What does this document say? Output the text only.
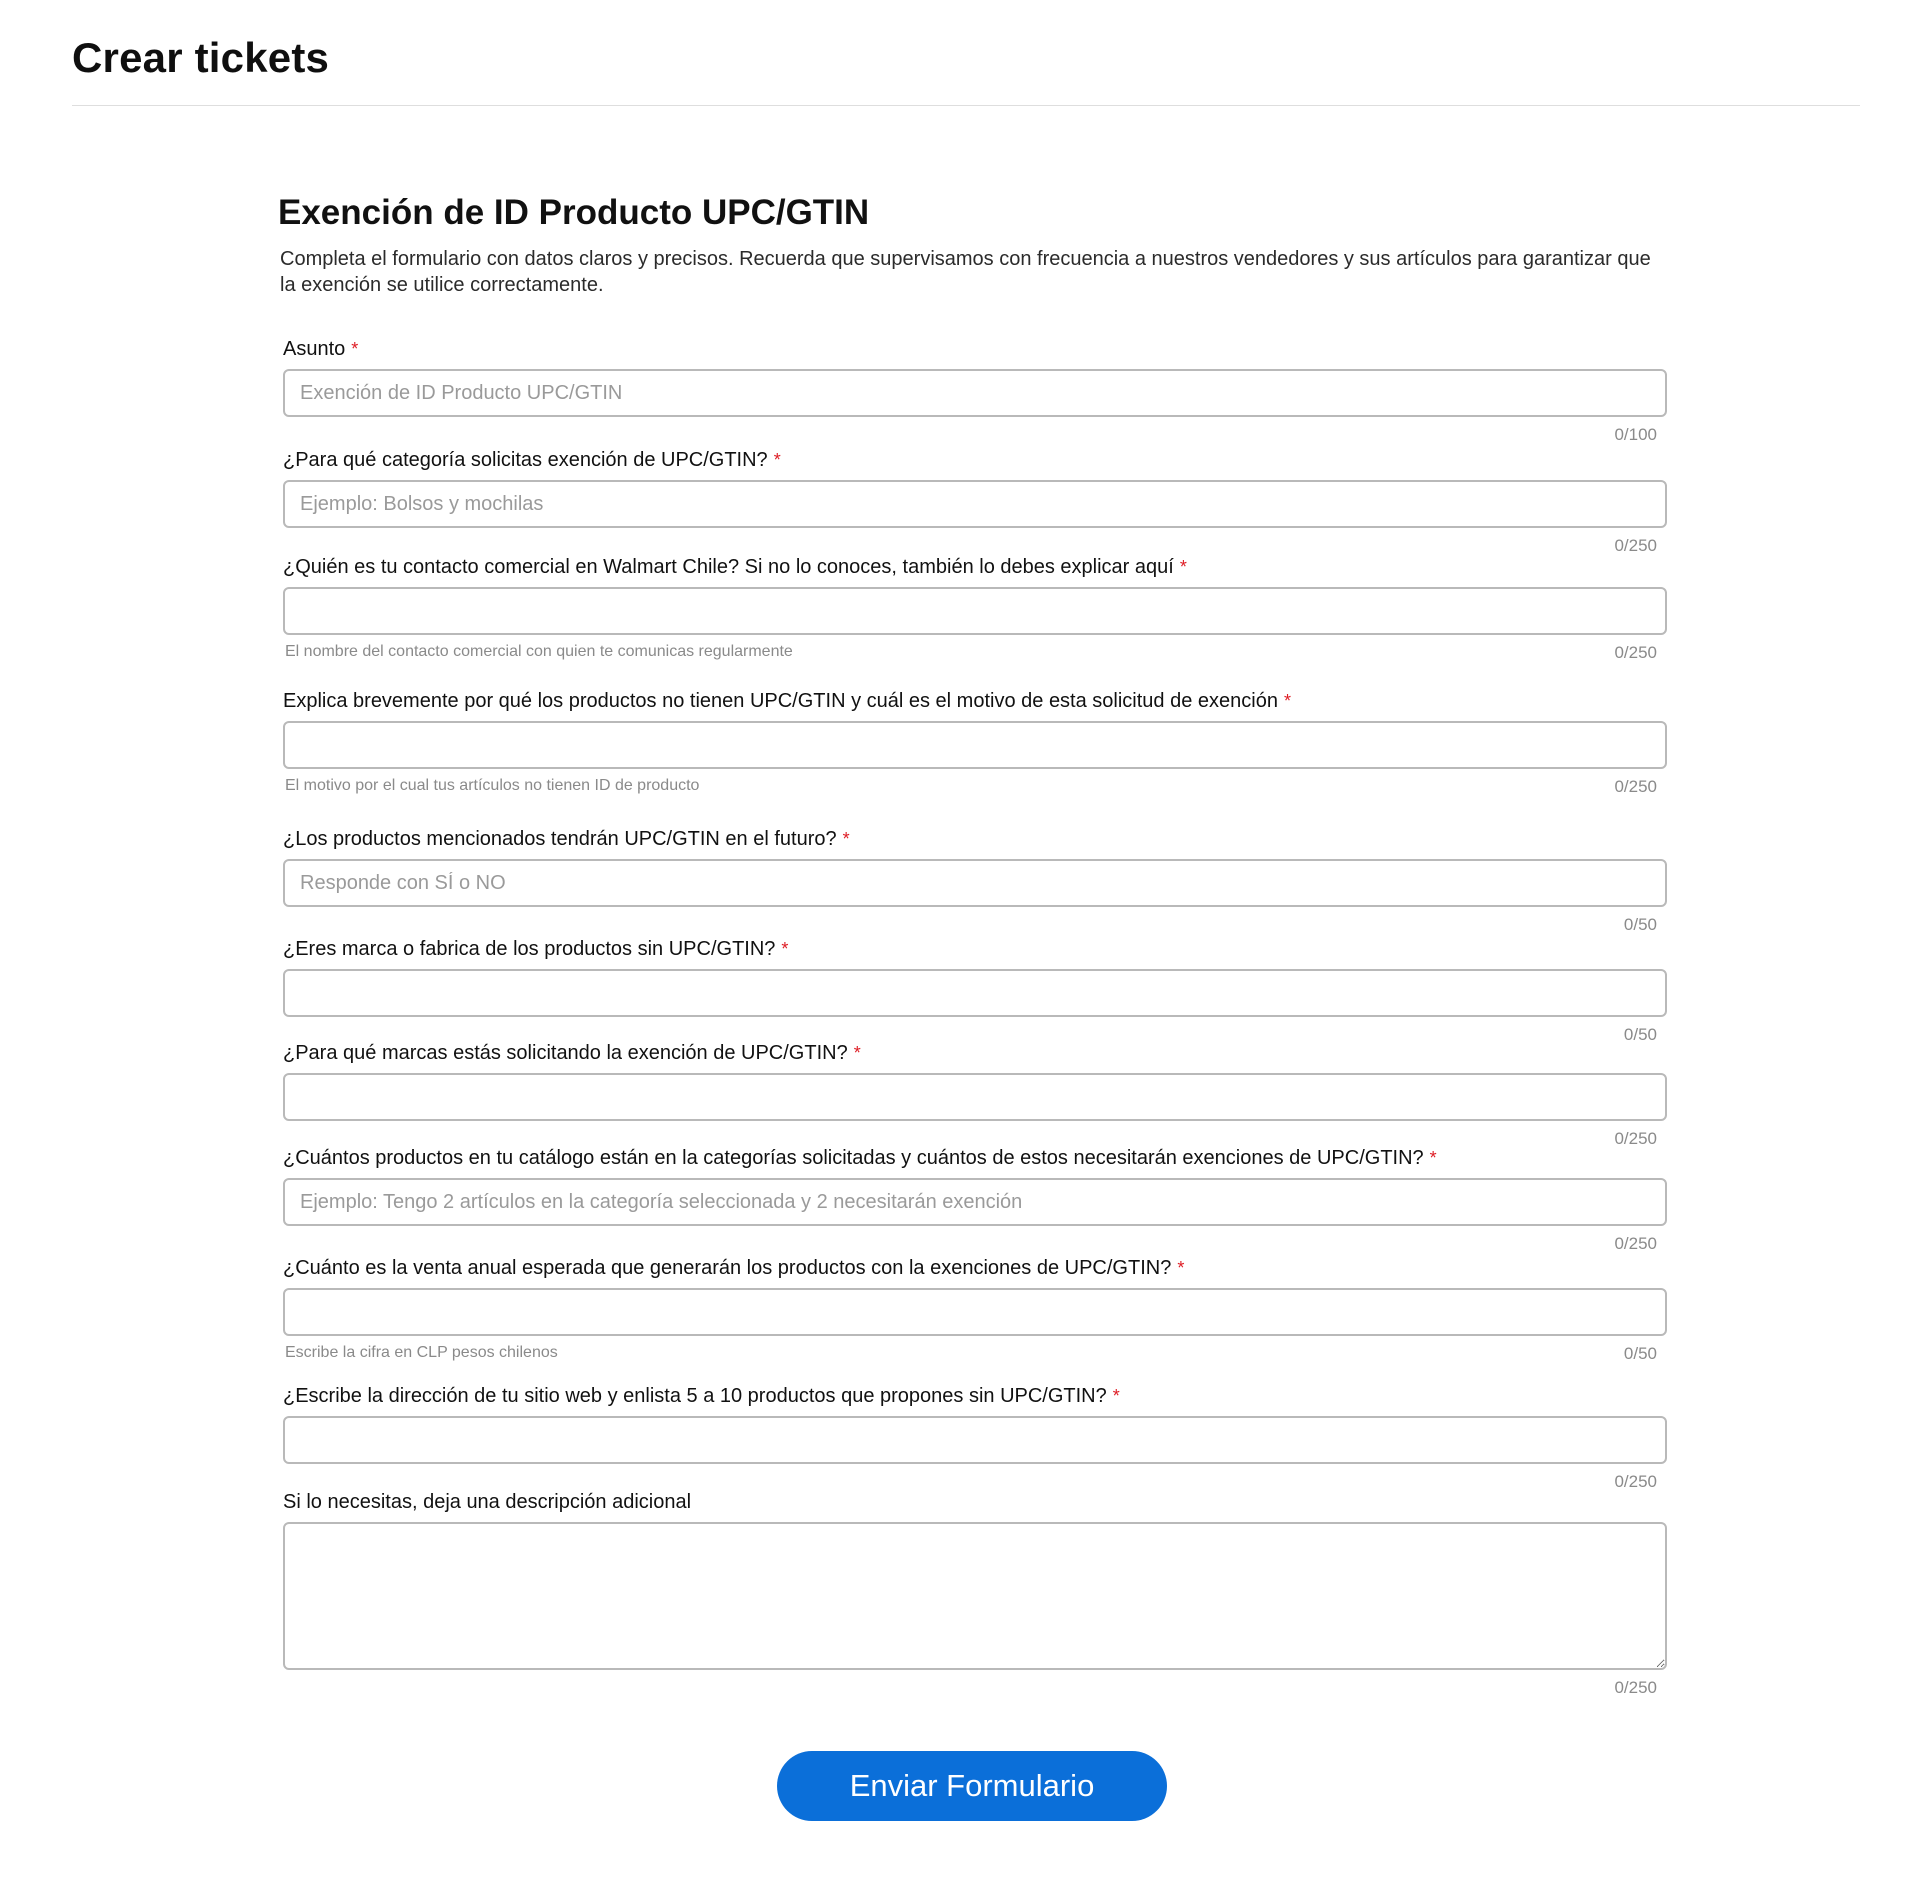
Crear tickets
Exención de ID Producto UPC/GTIN

Completa el formulario con datos claros y precisos. Recuerda que supervisamos con frecuencia a nuestros vendedores y sus artículos para garantizar que la exención se utilice correctamente.

Asunto *
Exención de ID Producto UPC/GTIN
0/100
¿Para qué categoría solicitas exención de UPC/GTIN? *
Ejemplo: Bolsos y mochilas
0/250
¿Quién es tu contacto comercial en Walmart Chile? Si no lo conoces, también lo debes explicar aquí *
El nombre del contacto comercial con quien te comunicas regularmente	0/250
Explica brevemente por qué los productos no tienen UPC/GTIN y cuál es el motivo de esta solicitud de exención *
El motivo por el cual tus artículos no tienen ID de producto	0/250
¿Los productos mencionados tendrán UPC/GTIN en el futuro? *
Responde con SÍ o NO
0/50
¿Eres marca o fabrica de los productos sin UPC/GTIN? *
0/50
¿Para qué marcas estás solicitando la exención de UPC/GTIN? *
0/250
¿Cuántos productos en tu catálogo están en la categorías solicitadas y cuántos de estos necesitarán exenciones de UPC/GTIN? *
Ejemplo: Tengo 2 artículos en la categoría seleccionada y 2 necesitarán exención
0/250
¿Cuánto es la venta anual esperada que generarán los productos con la exenciones de UPC/GTIN? *
Escribe la cifra en CLP pesos chilenos	0/50
¿Escribe la dirección de tu sitio web y enlista 5 a 10 productos que propones sin UPC/GTIN? *
0/250
Si lo necesitas, deja una descripción adicional
0/250
Enviar Formulario
